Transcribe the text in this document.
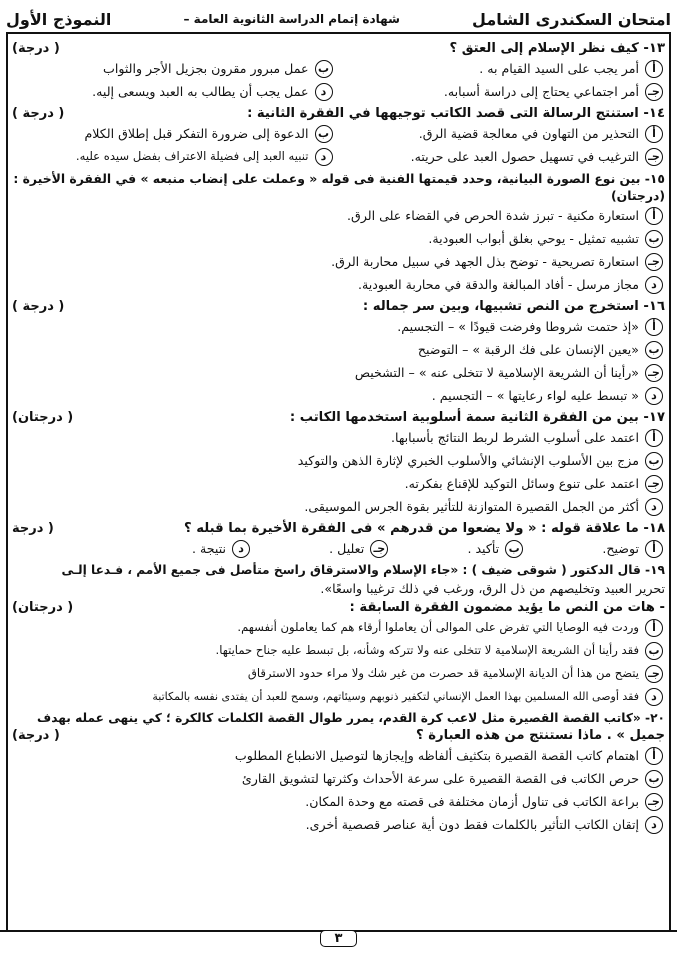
امتحان السكندرى الشامل
شهادة إتمام الدراسة الثانوية العامة –
النموذج الأول
١٣- كيف نظر الإسلام إلى العتق ؟
( درجة)
أ
أمر يجب على السيد القيام به .
ب
عمل مبرور مقرون بجزيل الأجر والثواب
جـ
أمر اجتماعي يحتاج إلى دراسة أسبابه.
د
عمل يجب أن يطالب به العبد ويسعى إليه.
١٤- استنتج الرسالة التى قصد الكاتب توجيهها في الفقرة الثانية :
( درجة )
أ
التحذير من التهاون في معالجة قضية الرق.
ب
الدعوة إلى ضرورة التفكر قبل إطلاق الكلام
جـ
الترغيب في تسهيل حصول العبد على حريته.
د
تنبيه العبد إلى فضيلة الاعتراف بفضل سيده عليه.
١٥- بين نوع الصورة البيانية، وحدد قيمتها الفنية فى قوله « وعملت على إنضاب منبعه » في الفقرة الأخيرة : (درجتان)
أ
استعارة مكنية - تبرز شدة الحرص في القضاء على الرق.
ب
تشبيه تمثيل - يوحي بغلق أبواب العبودية.
جـ
استعارة تصريحية - توضح بذل الجهد في سبيل محاربة الرق.
د
مجاز مرسل - أفاد المبالغة والدقة في محاربة العبودية.
١٦- استخرج من النص تشبيها، وبين سر جماله :
( درجة )
أ
«إذ حتمت شروطا وفرضت قيودًا » – التجسيم.
ب
«يعين الإنسان على فك الرقبة » – التوضيح
جـ
«رأينا أن الشريعة الإسلامية لا تتخلى عنه » – التشخيص
د
« تبسط عليه لواء رعايتها » – التجسيم .
١٧- بين من الفقرة الثانية سمة أسلوبية استخدمها الكاتب :
( درجتان)
أ
اعتمد على أسلوب الشرط لربط النتائج بأسبابها.
ب
مزج بين الأسلوب الإنشائي والأسلوب الخبري لإثارة الذهن والتوكيد
جـ
اعتمد على تنوع وسائل التوكيد للإقناع بفكرته.
د
أكثر من الجمل القصيرة المتوازنة للتأثير بقوة الجرس الموسيقى.
١٨- ما علاقة قوله : « ولا يضعوا من قدرهم » فى الفقرة الأخيرة بما قبله ؟
( درجة
أ
توضيح.
ب
تأكيد .
جـ
تعليل .
د
نتيجة .
١٩- قال الدكتور ( شوقى ضيف ) : «جاء الإسلام والاسترقاق راسخ متأصل فى جميع الأمم ، فـدعا إلـى
تحرير العبيد وتخليصهم من ذل الرق، ورغب في ذلك ترغيبا واسعًا».
- هات من النص ما يؤيد مضمون الفقرة السابقة :
( درجتان)
أ
وردت فيه الوصايا التي تفرض على الموالى أن يعاملوا أرقاء هم كما يعاملون أنفسهم.
ب
فقد رأينا أن الشريعة الإسلامية لا تتخلى عنه ولا تتركه وشأنه، بل تبسط عليه جناح حمايتها.
جـ
يتضح من هذا أن الديانة الإسلامية قد حصرت من غير شك ولا مراء حدود الاسترقاق
د
فقد أوصى الله المسلمين بهذا العمل الإنساني لتكفير ذنوبهم وسيئاتهم، وسمح للعبد أن يفتدى نفسه بالمكاتبة
٢٠- «كاتب القصة القصيرة مثل لاعب كرة القدم، يمرر طوال القصة الكلمات كالكرة ؛ كي ينهى عمله بهدف
جميل » . ماذا نستنتج من هذه العبارة ؟
( درجة)
أ
اهتمام كاتب القصة القصيرة بتكثيف ألفاظه وإيجازها لتوصيل الانطباع المطلوب
ب
حرص الكاتب فى القصة القصيرة على سرعة الأحداث وكثرتها لتشويق القارئ
جـ
براعة الكاتب فى تناول أزمان مختلفة فى قصته مع وحدة المكان.
د
إتقان الكاتب التأثير بالكلمات فقط دون أية عناصر قصصية أخرى.
٣
